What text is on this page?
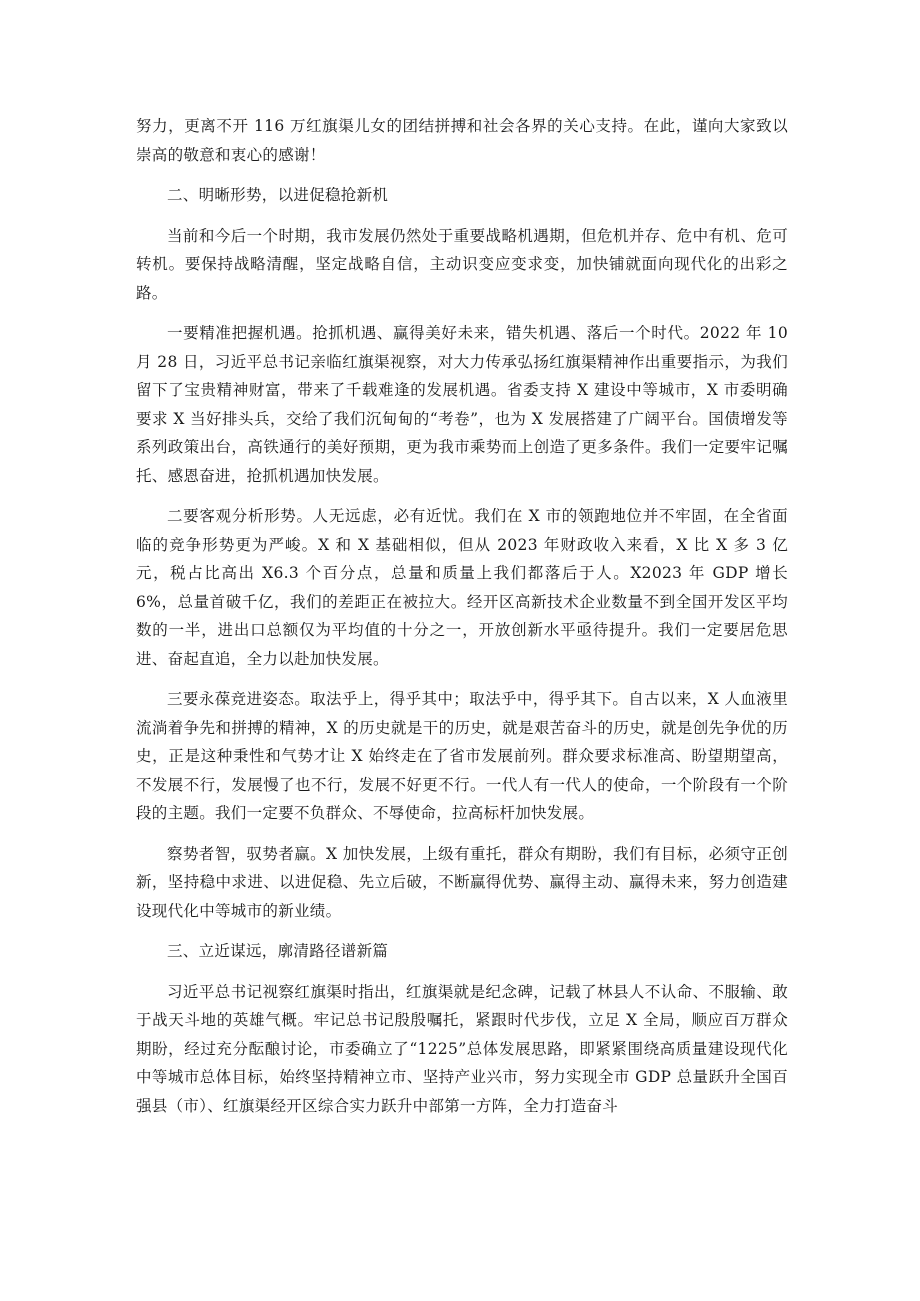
努力，更离不开 116 万红旗渠儿女的团结拼搏和社会各界的关心支持。在此，谨向大家致以崇高的敬意和衷心的感谢！

二、明晰形势，以进促稳抢新机

当前和今后一个时期，我市发展仍然处于重要战略机遇期，但危机并存、危中有机、危可转机。要保持战略清醒，坚定战略自信，主动识变应变求变，加快铺就面向现代化的出彩之路。

一要精准把握机遇。抢抓机遇、赢得美好未来，错失机遇、落后一个时代。2022 年 10 月 28 日，习近平总书记亲临红旗渠视察，对大力传承弘扬红旗渠精神作出重要指示，为我们留下了宝贵精神财富，带来了千载难逢的发展机遇。省委支持 X 建设中等城市，X 市委明确要求 X 当好排头兵，交给了我们沉甸甸的“考卷”，也为 X 发展搭建了广阔平台。国债增发等系列政策出台，高铁通行的美好预期，更为我市乘势而上创造了更多条件。我们一定要牢记嘱托、感恩奋进，抢抓机遇加快发展。

二要客观分析形势。人无远虑，必有近忧。我们在 X 市的领跑地位并不牢固，在全省面临的竞争形势更为严峻。X 和 X 基础相似，但从 2023 年财政收入来看，X 比 X 多 3 亿元，税占比高出 X6.3 个百分点，总量和质量上我们都落后于人。X2023 年 GDP 增长 6%，总量首破千亿，我们的差距正在被拉大。经开区高新技术企业数量不到全国开发区平均数的一半，进出口总额仅为平均值的十分之一，开放创新水平亟待提升。我们一定要居危思进、奋起直追，全力以赴加快发展。

三要永葆竞进姿态。取法乎上，得乎其中；取法乎中，得乎其下。自古以来，X 人血液里流淌着争先和拼搏的精神，X 的历史就是干的历史，就是艰苦奋斗的历史，就是创先争优的历史，正是这种秉性和气势才让 X 始终走在了省市发展前列。群众要求标准高、盼望期望高，不发展不行，发展慢了也不行，发展不好更不行。一代人有一代人的使命，一个阶段有一个阶段的主题。我们一定要不负群众、不辱使命，拉高标杆加快发展。

察势者智，驭势者赢。X 加快发展，上级有重托，群众有期盼，我们有目标，必须守正创新，坚持稳中求进、以进促稳、先立后破，不断赢得优势、赢得主动、赢得未来，努力创造建设现代化中等城市的新业绩。

三、立近谋远，廓清路径谱新篇

习近平总书记视察红旗渠时指出，红旗渠就是纪念碑，记载了林县人不认命、不服输、敢于战天斗地的英雄气概。牢记总书记殷殷嘱托，紧跟时代步伐，立足 X 全局，顺应百万群众期盼，经过充分酝酿讨论，市委确立了“1225”总体发展思路，即紧紧围绕高质量建设现代化中等城市总体目标，始终坚持精神立市、坚持产业兴市，努力实现全市 GDP 总量跃升全国百强县（市）、红旗渠经开区综合实力跃升中部第一方阵，全力打造奋斗
